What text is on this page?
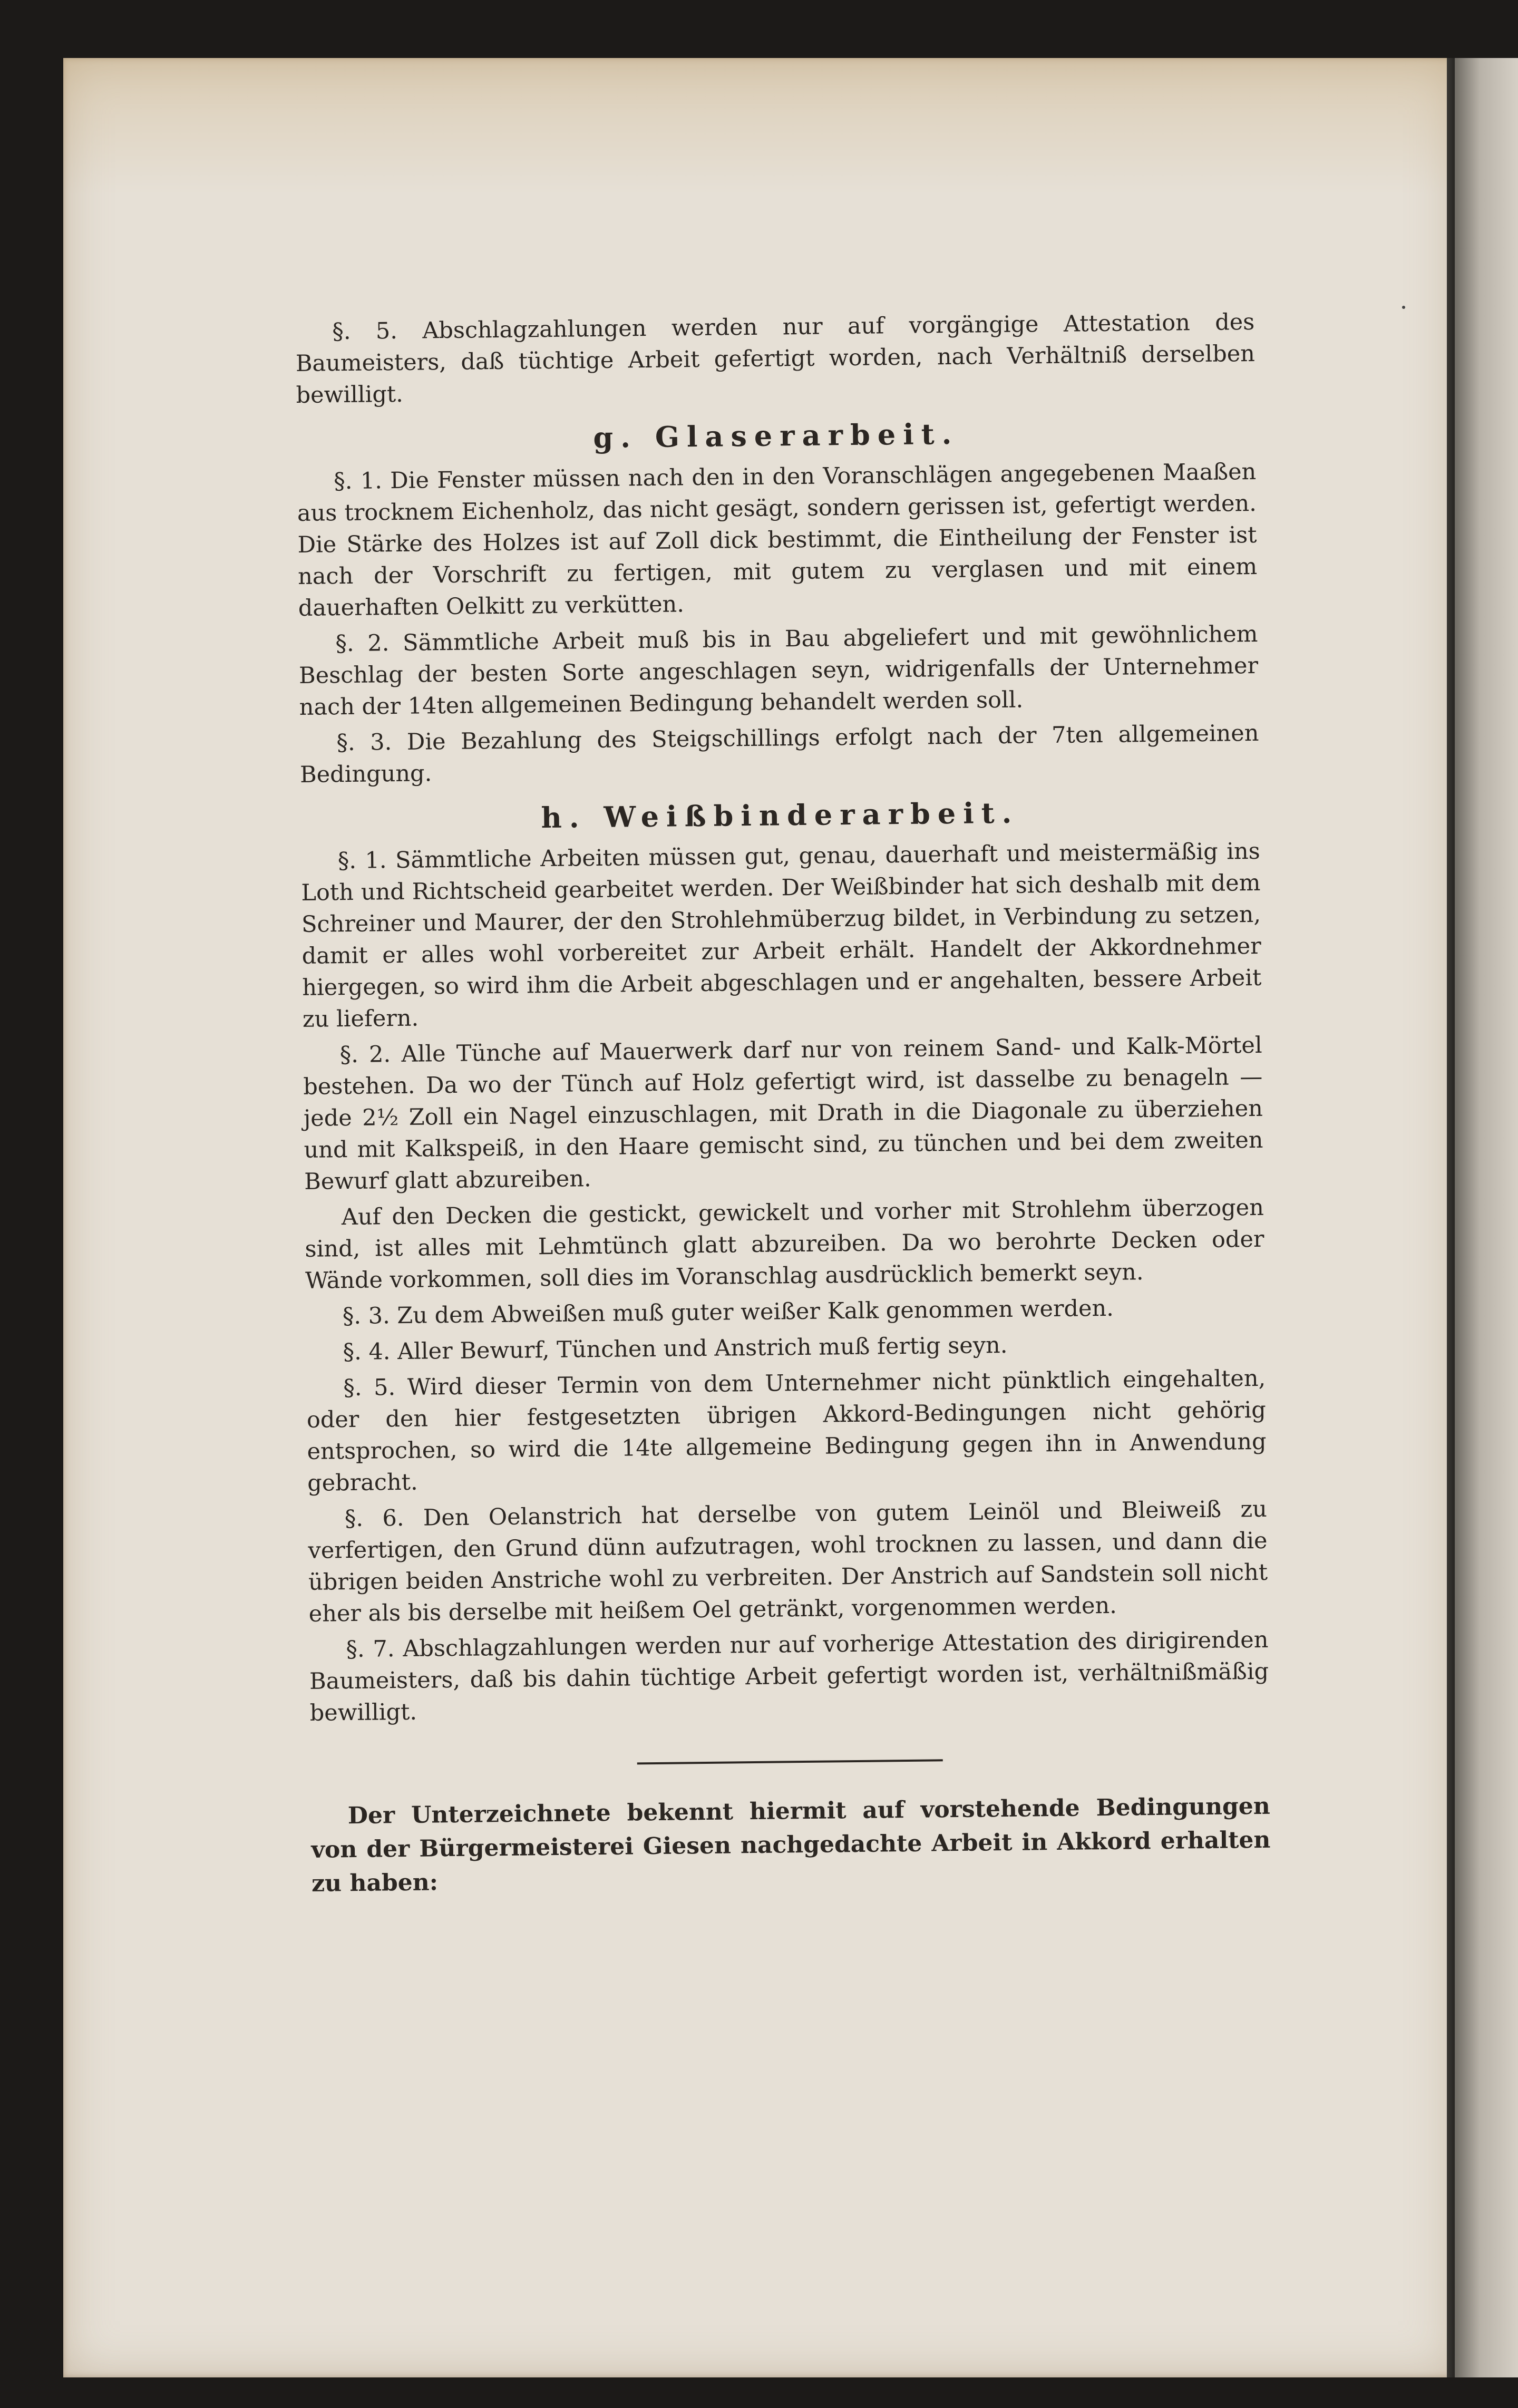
§. 5. Abschlagzahlungen werden nur auf vorgängige Attestation des Baumeisters, daß tüchtige Arbeit gefertigt worden, nach Verhältniß derselben bewilligt.

g. Glaserarbeit.

§. 1. Die Fenster müssen nach den in den Voranschlägen angegebenen Maaßen aus trocknem Eichenholz, das nicht gesägt, sondern gerissen ist, gefertigt werden. Die Stärke des Holzes ist auf Zoll dick bestimmt, die Eintheilung der Fenster ist nach der Vorschrift zu fertigen, mit gutem zu verglasen und mit einem dauerhaften Oelkitt zu verkütten.

§. 2. Sämmtliche Arbeit muß bis in Bau abgeliefert und mit gewöhnlichem Beschlag der besten Sorte angeschlagen seyn, widrigenfalls der Unternehmer nach der 14ten allgemeinen Bedingung behandelt werden soll.

§. 3. Die Bezahlung des Steigschillings erfolgt nach der 7ten allgemeinen Bedingung.

h. Weißbinderarbeit.

§. 1. Sämmtliche Arbeiten müssen gut, genau, dauerhaft und meistermäßig ins Loth und Richtscheid gearbeitet werden. Der Weißbinder hat sich deshalb mit dem Schreiner und Maurer, der den Strohlehmüberzug bildet, in Verbindung zu setzen, damit er alles wohl vorbereitet zur Arbeit erhält. Handelt der Akkordnehmer hiergegen, so wird ihm die Arbeit abgeschlagen und er angehalten, bessere Arbeit zu liefern.

§. 2. Alle Tünche auf Mauerwerk darf nur von reinem Sand- und Kalk-Mörtel bestehen. Da wo der Tünch auf Holz gefertigt wird, ist dasselbe zu benageln — jede 2½ Zoll ein Nagel einzuschlagen, mit Drath in die Diagonale zu überziehen und mit Kalkspeiß, in den Haare gemischt sind, zu tünchen und bei dem zweiten Bewurf glatt abzureiben.

Auf den Decken die gestickt, gewickelt und vorher mit Strohlehm überzogen sind, ist alles mit Lehmtünch glatt abzureiben. Da wo berohrte Decken oder Wände vorkommen, soll dies im Voranschlag ausdrücklich bemerkt seyn.

§. 3. Zu dem Abweißen muß guter weißer Kalk genommen werden.

§. 4. Aller Bewurf, Tünchen und Anstrich muß fertig seyn.

§. 5. Wird dieser Termin von dem Unternehmer nicht pünktlich eingehalten, oder den hier festgesetzten übrigen Akkord-Bedingungen nicht gehörig entsprochen, so wird die 14te allgemeine Bedingung gegen ihn in Anwendung gebracht.

§. 6. Den Oelanstrich hat derselbe von gutem Leinöl und Bleiweiß zu verfertigen, den Grund dünn aufzutragen, wohl trocknen zu lassen, und dann die übrigen beiden Anstriche wohl zu verbreiten. Der Anstrich auf Sandstein soll nicht eher als bis derselbe mit heißem Oel getränkt, vorgenommen werden.

§. 7. Abschlagzahlungen werden nur auf vorherige Attestation des dirigirenden Baumeisters, daß bis dahin tüchtige Arbeit gefertigt worden ist, verhältnißmäßig bewilligt.

Der Unterzeichnete bekennt hiermit auf vorstehende Bedingungen von der Bürgermeisterei Giesen nachgedachte Arbeit in Akkord erhalten zu haben:
